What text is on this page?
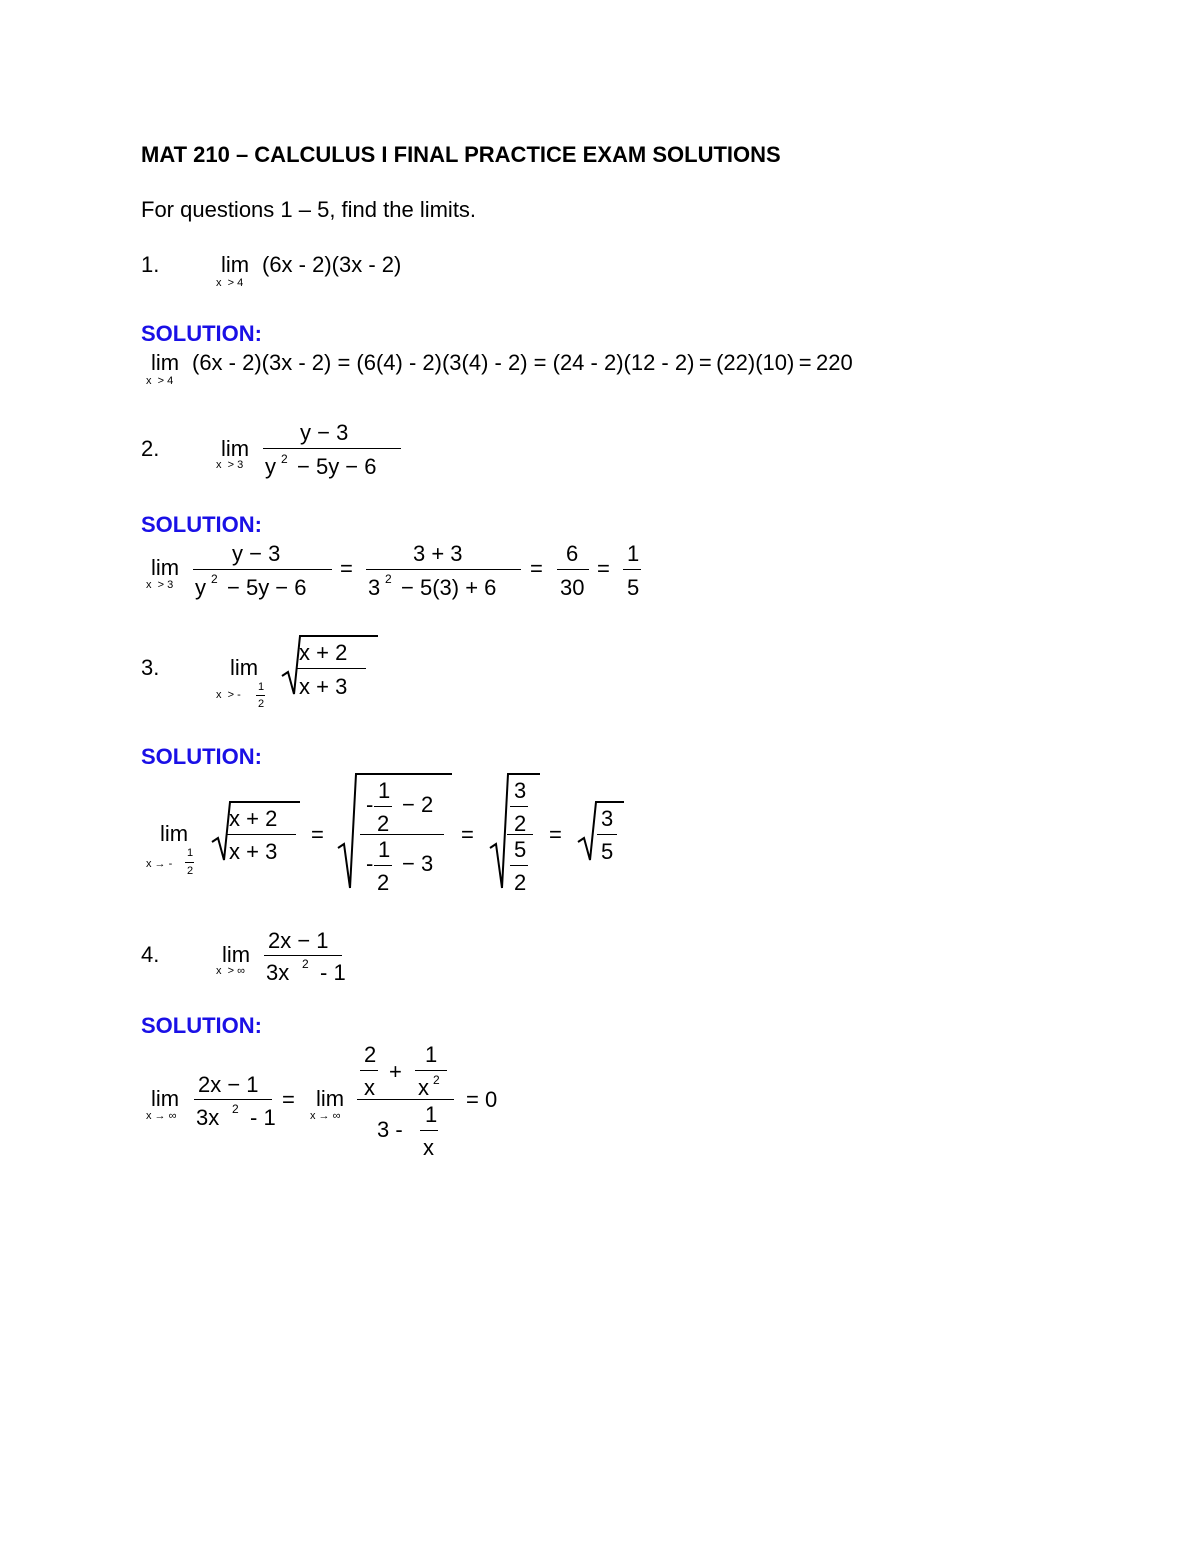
MAT 210 – CALCULUS I FINAL PRACTICE EXAM SOLUTIONS
For questions 1 – 5, find the limits.
1.	lim
x  > 4
(6x - 2)(3x - 2)
SOLUTION:
lim
x  > 4
(6x - 2)(3x - 2) = (6(4) - 2)(3(4) - 2) = (24 - 2)(12 - 2) = (22)(10) = 220
2.	lim
x  > 3
y − 3
y 2 − 5y − 6
SOLUTION:
lim
x  > 3
y − 3
y 2 − 5y − 6
=
3 + 3
3 2 − 5(3) + 6
=
6
30
=
1
5
3.	lim
x  > -
1
2
x + 2
x + 3
SOLUTION:
lim
x → -
1
2
x + 2
x + 3
=
-
1
2
− 2
-
1
2
− 3
=
3
2
5
2
=
3
5
4.	lim
x  > ∞
2x − 1
3x 2 - 1
SOLUTION:
lim
x → ∞
2x − 1
3x 2 - 1
= lim
x → ∞
2
x
+
1
x 2
3 -
1
x
= 0
